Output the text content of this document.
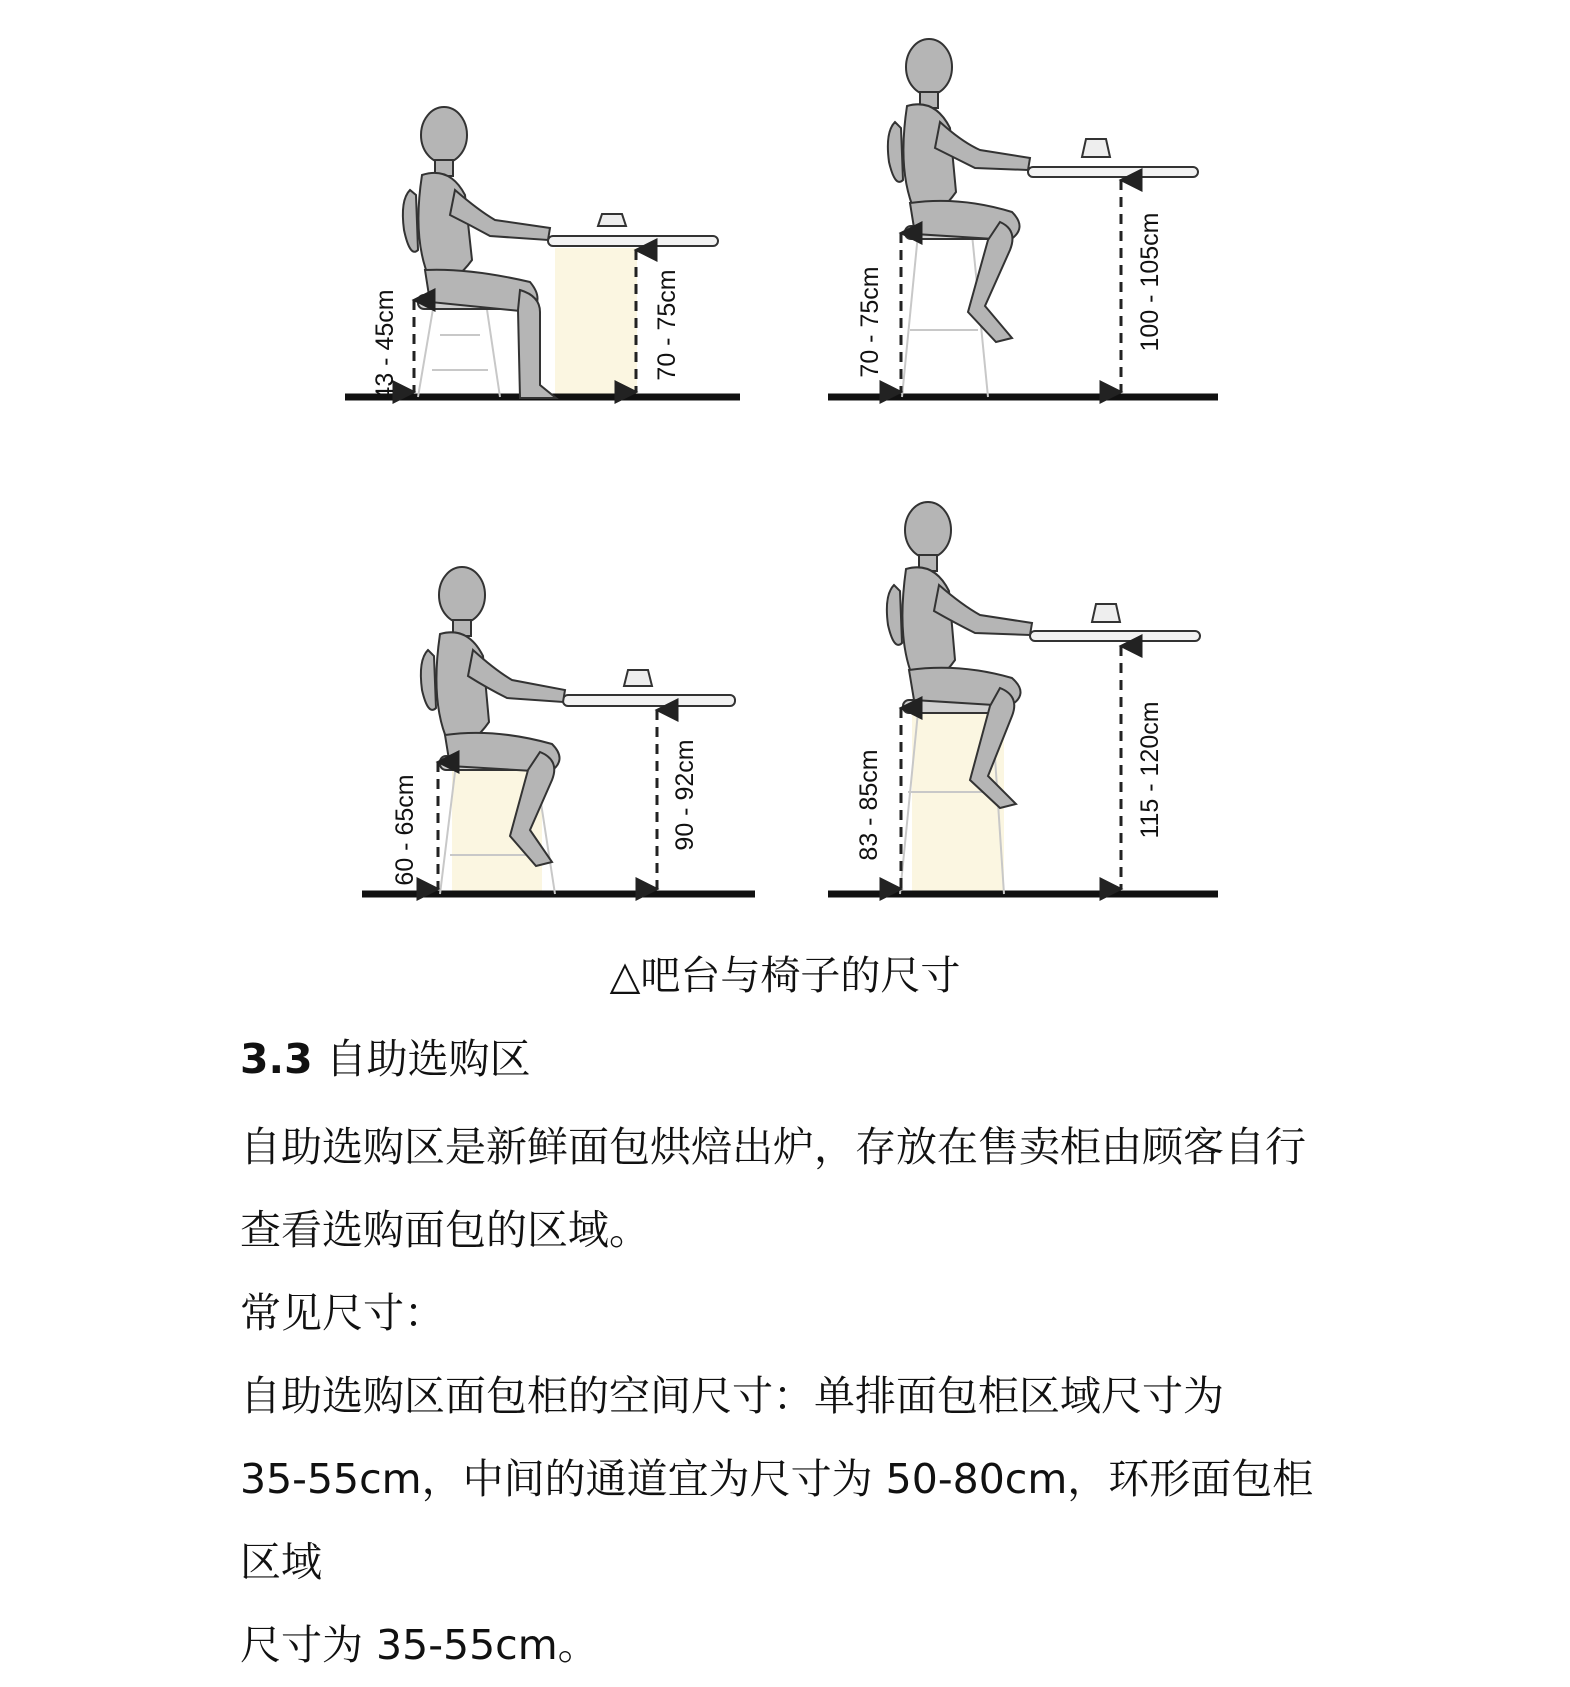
43 - 45cm	70 - 75cm	70 - 75cm	100 - 105cm
60 - 65cm	90 - 92cm	83 - 85cm	115 - 120cm
△吧台与椅子的尺寸
3.3 自助选购区

自助选购区是新鲜面包烘焙出炉，存放在售卖柜由顾客自行

查看选购面包的区域。

常见尺寸：

自助选购区面包柜的空间尺寸：单排面包柜区域尺寸为

35-55cm，中间的通道宜为尺寸为 50-80cm，环形面包柜区域

尺寸为 35-55cm。
